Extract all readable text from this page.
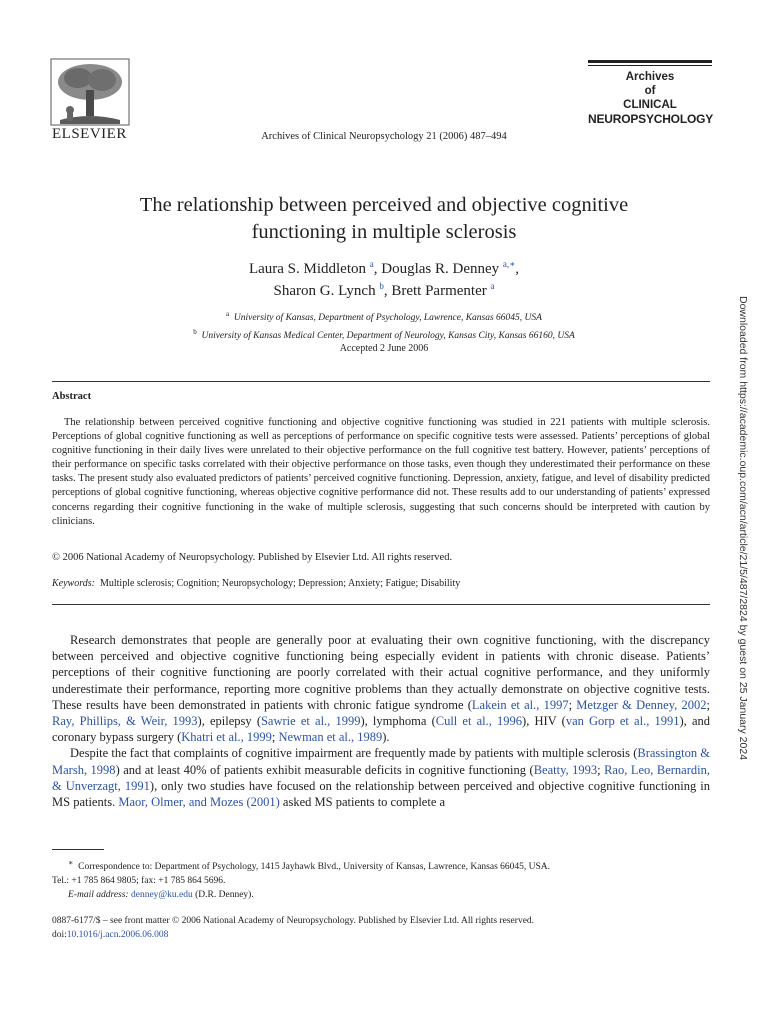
ELSEVIER	Archives of Clinical Neuropsychology 21 (2006) 487–494
Archives
of
CLINICAL
NEUROPSYCHOLOGY
The relationship between perceived and objective cognitive
functioning in multiple sclerosis
Laura S. Middleton $^a$, Douglas R. Denney $^{a,∗}$,
Sharon G. Lynch $^b$, Brett Parmenter $^a$
$^a$ University of Kansas, Department of Psychology, Lawrence, Kansas 66045, USA
$^b$ University of Kansas Medical Center, Department of Neurology, Kansas City, Kansas 66160, USA
Accepted 2 June 2006
Abstract

The relationship between perceived cognitive functioning and objective cognitive functioning was studied in 221 patients with multiple sclerosis. Perceptions of global cognitive functioning as well as perceptions of performance on specific cognitive tests were assessed. Patients’ perceptions of global cognitive functioning in their daily lives were unrelated to their objective performance on the full cognitive test battery. However, patients’ perceptions of their performance on specific tasks correlated with their objective performance on those tasks, even though they underestimated their performance on these tasks. The present study also evaluated predictors of patients’ perceived cognitive functioning. Depression, anxiety, fatigue, and level of disability predicted perceptions of global cognitive functioning, whereas objective cognitive performance did not. These results add to our understanding of patients’ expressed concerns regarding their cognitive functioning in the wake of multiple sclerosis, suggesting that such concerns should be interpreted with caution by clinicians.

© 2006 National Academy of Neuropsychology. Published by Elsevier Ltd. All rights reserved.
Keywords: Multiple sclerosis; Cognition; Neuropsychology; Depression; Anxiety; Fatigue; Disability

Research demonstrates that people are generally poor at evaluating their own cognitive functioning, with the discrepancy between perceived and objective cognitive functioning being especially evident in patients with chronic disease. Patients’ perceptions of their cognitive functioning are poorly correlated with their actual cognitive performance, and they uniformly underestimate their performance, reporting more cognitive problems than they actually demonstrate on objective cognitive tests. These results have been demonstrated in patients with chronic fatigue syndrome (Lakein et al., 1997; Metzger & Denney, 2002; Ray, Phillips, & Weir, 1993), epilepsy (Sawrie et al., 1999), lymphoma (Cull et al., 1996), HIV (van Gorp et al., 1991), and coronary bypass surgery (Khatri et al., 1999; Newman et al., 1989).

Despite the fact that complaints of cognitive impairment are frequently made by patients with multiple sclerosis (Brassington & Marsh, 1998) and at least 40% of patients exhibit measurable deficits in cognitive functioning (Beatty, 1993; Rao, Leo, Bernardin, & Unverzagt, 1991), only two studies have focused on the relationship between perceived and objective cognitive functioning in MS patients. Maor, Olmer, and Mozes (2001) asked MS patients to complete a

∗ Correspondence to: Department of Psychology, 1415 Jayhawk Blvd., University of Kansas, Lawrence, Kansas 66045, USA.
Tel.: +1 785 864 9805; fax: +1 785 864 5696.
E-mail address: denney@ku.edu (D.R. Denney).
0887-6177/$ – see front matter © 2006 National Academy of Neuropsychology. Published by Elsevier Ltd. All rights reserved.
doi:10.1016/j.acn.2006.06.008
Downloaded from https://academic.oup.com/acn/article/21/5/487/2824 by guest on 25 January 2024
